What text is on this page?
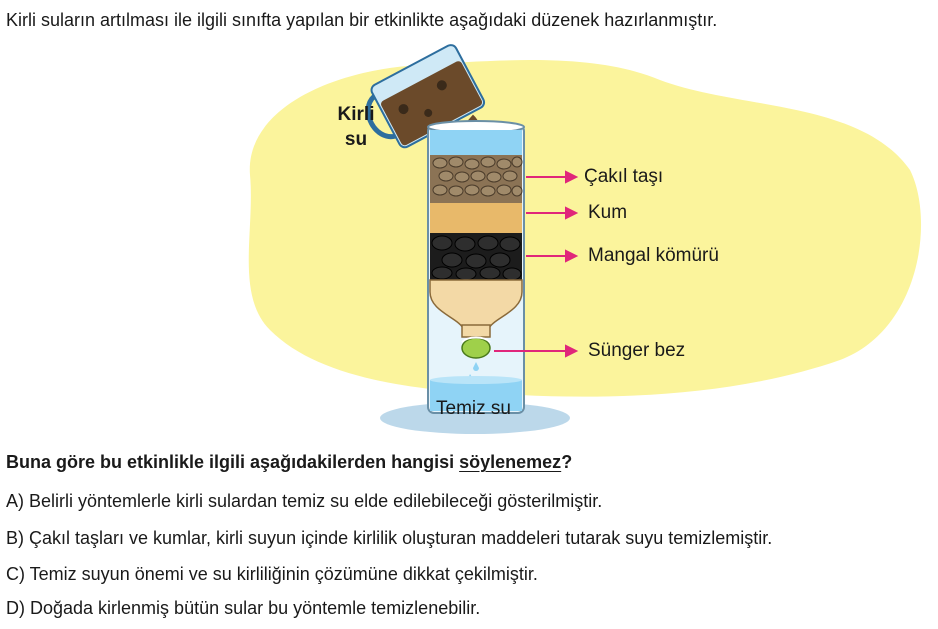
Kirli suların artılması ile ilgili sınıfta yapılan bir etkinlikte aşağıdaki düzenek hazırlanmıştır.
Kirli
su
Çakıl taşı
Kum
Mangal kömürü
Sünger bez
Temiz su
Buna göre bu etkinlikle ilgili aşağıdakilerden hangisi söylenemez?
A) Belirli yöntemlerle kirli sulardan temiz su elde edilebileceği gösterilmiştir.
B) Çakıl taşları ve kumlar, kirli suyun içinde kirlilik oluşturan maddeleri tutarak suyu temizlemiştir.
C) Temiz suyun önemi ve su kirliliğinin çözümüne dikkat çekilmiştir.
D) Doğada kirlenmiş bütün sular bu yöntemle temizlenebilir.
